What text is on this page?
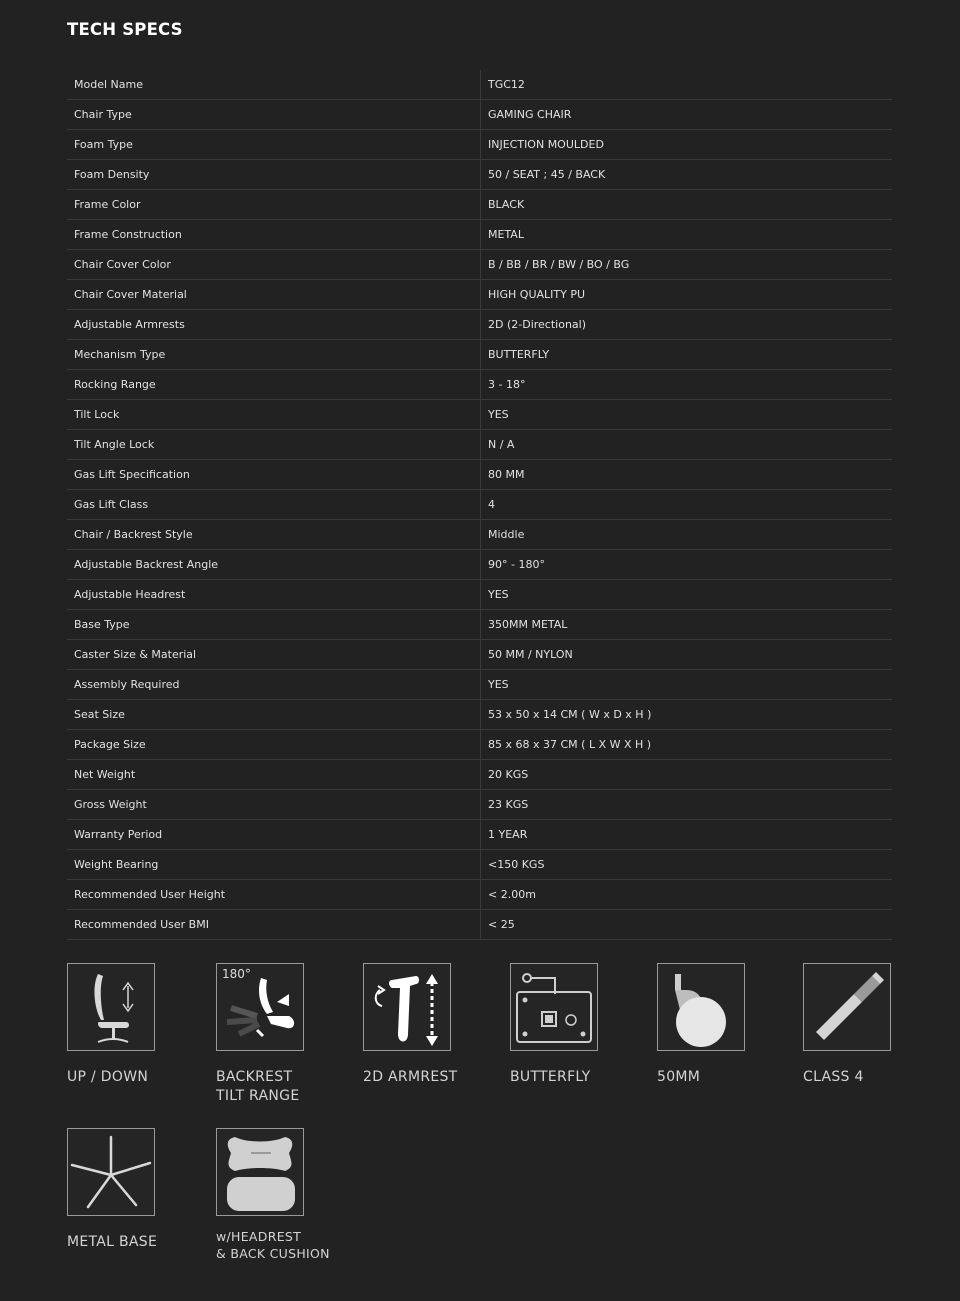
TECH SPECS
Model Name	TGC12
Chair Type	GAMING CHAIR
Foam Type	INJECTION MOULDED
Foam Density	50 / SEAT ; 45 / BACK
Frame Color	BLACK
Frame Construction	METAL
Chair Cover Color	B / BB / BR / BW / BO / BG
Chair Cover Material	HIGH QUALITY PU
Adjustable Armrests	2D (2-Directional)
Mechanism Type	BUTTERFLY
Rocking Range	3 - 18°
Tilt Lock	YES
Tilt Angle Lock	N / A
Gas Lift Specification	80 MM
Gas Lift Class	4
Chair / Backrest Style	Middle
Adjustable Backrest Angle	90° - 180°
Adjustable Headrest	YES
Base Type	350MM METAL
Caster Size & Material	50 MM / NYLON
Assembly Required	YES
Seat Size	53 x 50 x 14 CM ( W x D x H )
Package Size	85 x 68 x 37 CM ( L X W X H )
Net Weight	20 KGS
Gross Weight	23 KGS
Warranty Period	1 YEAR
Weight Bearing	<150 KGS
Recommended User Height	< 2.00m
Recommended User BMI	< 25
UP / DOWN
180°
BACKREST
TILT RANGE
2D ARMREST	BUTTERFLY	50MM	CLASS 4
METAL BASE	w/HEADREST
& BACK CUSHION
